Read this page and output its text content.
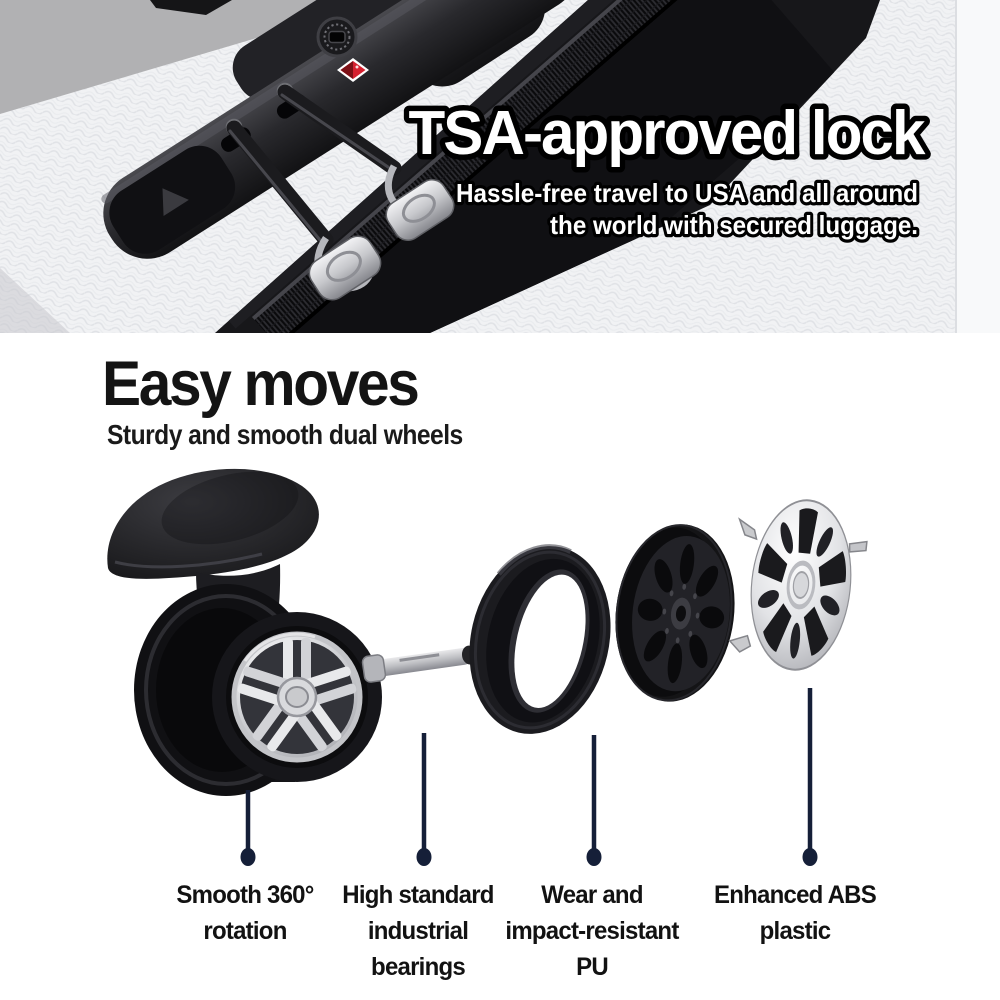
TSA-approved lock
Hassle-free travel to USA and all around
the world with secured luggage.
Easy moves

Sturdy and smooth dual wheels

Smooth 360°
rotation
High standard
industrial
bearings
Wear and
impact-resistant
PU
Enhanced ABS
plastic
